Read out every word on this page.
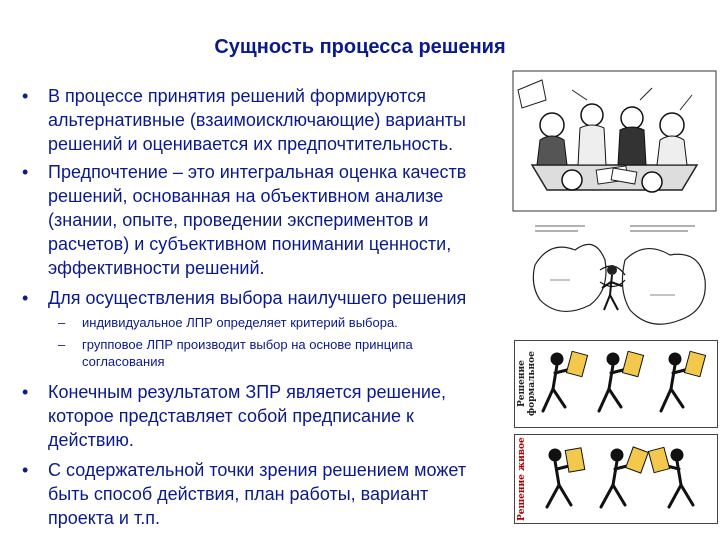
Сущность процесса решения
• В процессе принятия решений формируются
альтернативные (взаимоисключающие) варианты
решений и оценивается их предпочтительность.
• Предпочтение – это интегральная оценка качеств
решений, основанная на объективном анализе
(знании, опыте, проведении экспериментов и
расчетов) и субъективном понимании ценности,
эффективности решений.
• Для осуществления выбора наилучшего решения
– индивидуальное ЛПР определяет критерий выбора.
– групповое ЛПР производит выбор на основе принципа
согласования
• Конечным результатом ЗПР является решение,
которое представляет собой предписание к
действию.
• С содержательной точки зрения решением может
быть способ действия, план работы, вариант
проекта и т.п.
Решение формальное
Решение живое
